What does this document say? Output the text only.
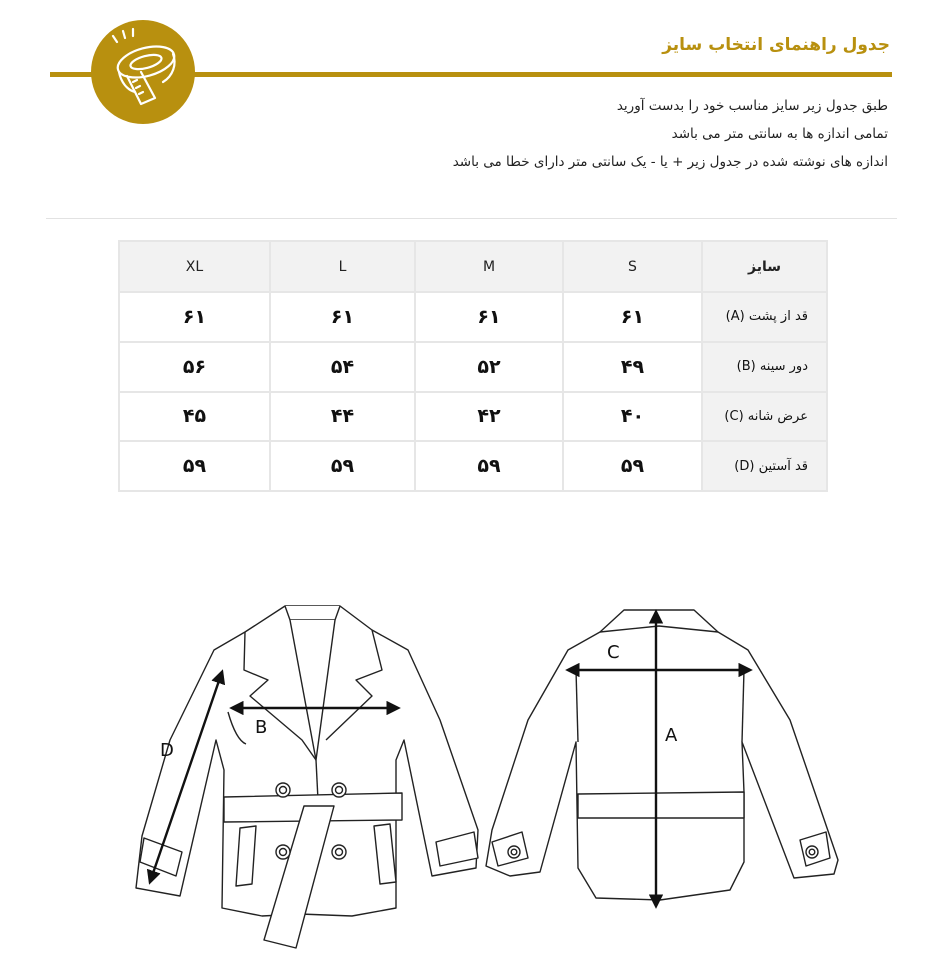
جدول راهنمای انتخاب سایز
طبق جدول زیر سایز مناسب خود را بدست آورید
تمامی اندازه ها به سانتی متر می باشد
اندازه های نوشته شده در جدول زیر + یا - یک سانتی متر دارای خطا می باشد
سایز	S	M	L	XL
قد از پشت (A)	۶۱	۶۱	۶۱	۶۱
دور سینه (B)	۴۹	۵۲	۵۴	۵۶
عرض شانه (C)	۴۰	۴۲	۴۴	۴۵
قد آستین (D)	۵۹	۵۹	۵۹	۵۹
B
D
C
A
